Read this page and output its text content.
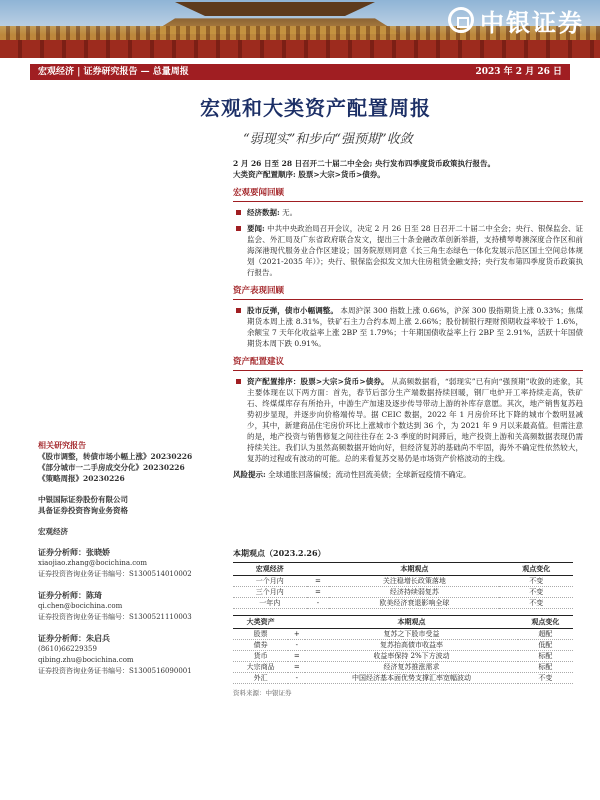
中银证券
宏观经济 | 证券研究报告 — 总量周报	2023 年 2 月 26 日
宏观和大类资产配置周报
“弱现实”和步向“强预期”收敛
2 月 26 日至 28 日召开二十届二中全会; 央行发布四季度货币政策执行报告。
大类资产配置顺序: 股票>大宗>货币>债券。
宏观要闻回顾
经济数据: 无。
要闻: 中共中央政治局召开会议，决定 2 月 26 日至 28 日召开二十届二中全会；央行、银保监会、证监会、外汇局及广东省政府联合发文，提出三十条金融改革创新举措，支持横琴粤澳深度合作区和前海深港现代服务业合作区建设；国务院原则同意《长三角生态绿色一体化发展示范区国土空间总体规划（2021-2035 年）》；央行、银保监会拟发文加大住房租赁金融支持；央行发布第四季度货币政策执行报告。
资产表现回顾
股市反弹，债市小幅调整。 本周沪深 300 指数上涨 0.66%，沪深 300 股指期货上涨 0.33%；焦煤期货本周上涨 8.31%，铁矿石主力合约本周上涨 2.66%；股份制银行理财预期收益率较于 1.6%，余额宝 7 天年化收益率上涨 2BP 至 1.79%；十年期国债收益率上行 2BP 至 2.91%，活跃十年国债期货本周下跌 0.91%。
资产配置建议
资产配置排序：股票>大宗>货币>债券。 从高频数据看，“弱现实”已有向“强预期”收敛的迹象，其主要体现在以下两方面：首先，春节后部分生产端数据持续回暖，钢厂电炉开工率持续走高，铁矿石、终煤煤库存有所抬升，中游生产加速及逐步传导带动上游的补库存意愿。其次，地产销售复苏趋势初步显现，并逐步向价格端传导。据 CEIC 数据，2022 年 1 月房价环比下降的城市个数明显减少，其中，新建商品住宅房价环比上涨城市个数达到 36 个，为 2021 年 9 月以来最高值。但需注意的是，地产投资与销售修复之间往往存在 2-3 季度的时间滞后，地产投资上游和关高频数据表现仍需持续关注。我们认为虽然高频数据开始向好，但经济复苏的基础尚不牢固，海外不确定性依然较大，复苏的过程或有波动的可能。总的来看复苏交易仍是市场资产价格波动的主线。
风险提示: 全球通胀回落偏缓；流动性回流美债；全球新冠疫情不确定。
相关研究报告
《股市调整，转债市场小幅上涨》20230226
《部分城市一二手房成交分化》20230226
《策略周报》20230226
中银国际证券股份有限公司
具备证券投资咨询业务资格
宏观经济
证券分析师：张晓娇
xiaojiao.zhang@bocichina.com
证券投资咨询业务证书编号：S1300514010002
证券分析师：陈琦
qi.chen@bocichina.com
证券投资咨询业务证书编号：S1300521110003
证券分析师：朱启兵
(8610)66229359
qibing.zhu@bocichina.com
证券投资咨询业务证书编号：S1300516090001
本期观点（2023.2.26）
宏观经济		本期观点	观点变化
一个月内	=	关注稳增长政策落地	不变
三个月内	=	经济持续弱复苏	不变
一年内	-	欧美经济衰退影响全球	不变
大类资产		本期观点	观点变化
股票	+	复苏之下股市受益	超配
债券	-	复苏抬高债市收益率	低配
货币	=	收益率保持 2%下方波动	标配
大宗商品	=	经济复苏推涨需求	标配
外汇	-	中国经济基本面优势支撑汇率宽幅波动	不变
资料来源：中银证券
